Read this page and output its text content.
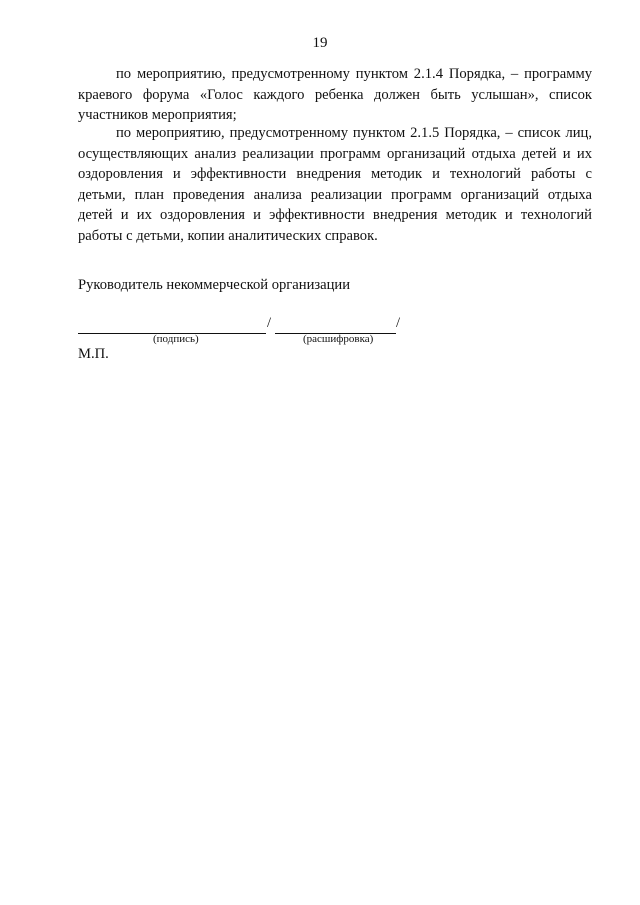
19

по мероприятию, предусмотренному пунктом 2.1.4 Порядка, – программу краевого форума «Голос каждого ребенка должен быть услышан», список участников мероприятия;

по мероприятию, предусмотренному пунктом 2.1.5 Порядка, – список лиц, осуществляющих анализ реализации программ организаций отдыха детей и их оздоровления и эффективности внедрения методик и технологий работы с детьми, план проведения анализа реализации программ организаций отдыха детей и их оздоровления и эффективности внедрения методик и технологий работы с детьми, копии аналитических справок.

Руководитель некоммерческой организации
/	/
(подпись)	(расшифровка)
М.П.
